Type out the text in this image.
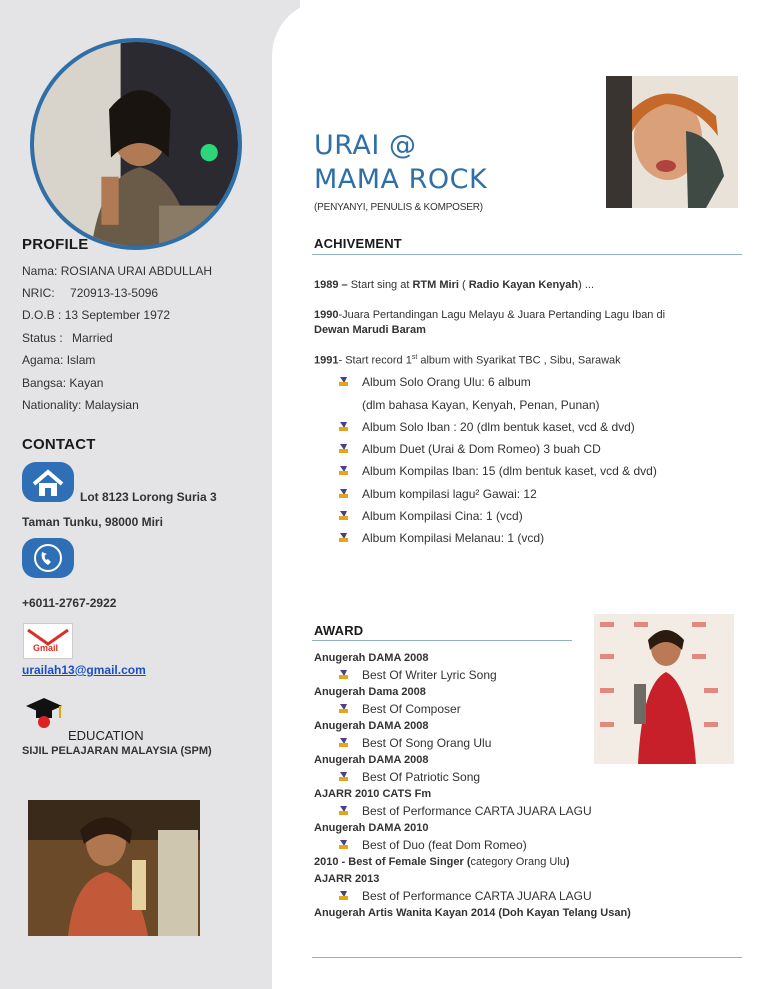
URAI @
MAMA ROCK
(PENYANYI, PENULIS & KOMPOSER)
PROFILE
Nama: ROSIANA URAI ABDULLAH
NRIC: 720913-13-5096
D.O.B : 13 September 1972
Status : Married
Agama: Islam
Bangsa: Kayan
Nationality: Malaysian
CONTACT
Lot 8123 Lorong Suria 3
Taman Tunku, 98000 Miri
+6011-2767-2922
Gmail
urailah13@gmail.com
EDUCATION
SIJIL PELAJARAN MALAYSIA (SPM)
ACHIVEMENT
1989 – Start sing at RTM Miri ( Radio Kayan Kenyah) ...
1990-Juara Pertandingan Lagu Melayu & Juara Pertanding Lagu Iban di
Dewan Marudi Baram
1991- Start record 1st album with Syarikat TBC , Sibu, Sarawak
Album Solo Orang Ulu: 6 album
(dlm bahasa Kayan, Kenyah, Penan, Punan)
Album Solo Iban : 20 (dlm bentuk kaset, vcd & dvd)
Album Duet (Urai & Dom Romeo) 3 buah CD
Album Kompilas Iban: 15 (dlm bentuk kaset, vcd & dvd)
Album kompilasi lagu² Gawai: 12
Album Kompilasi Cina: 1 (vcd)
Album Kompilasi Melanau: 1 (vcd)
AWARD
Anugerah DAMA 2008
Best Of Writer Lyric Song
Anugerah Dama 2008
Best Of Composer
Anugerah DAMA 2008
Best Of Song Orang Ulu
Anugerah DAMA 2008
Best Of Patriotic Song
AJARR 2010 CATS Fm
Best of Performance CARTA JUARA LAGU
Anugerah DAMA 2010
Best of Duo (feat Dom Romeo)
2010 - Best of Female Singer (category Orang Ulu)
AJARR 2013
Best of Performance CARTA JUARA LAGU
Anugerah Artis Wanita Kayan 2014 (Doh Kayan Telang Usan)
